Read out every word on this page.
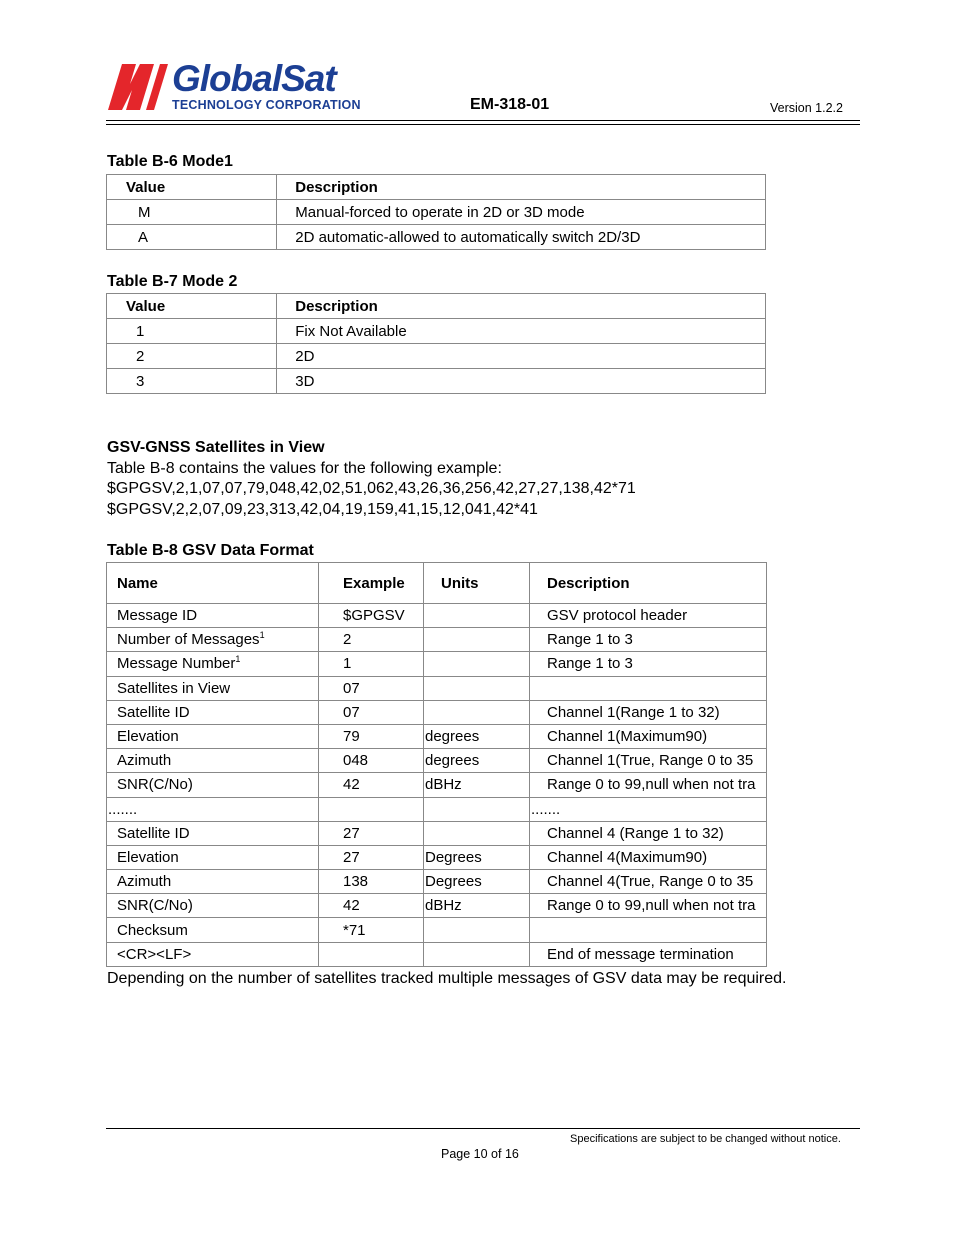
GlobalSat
TECHNOLOGY CORPORATION	EM-318-01	Version 1.2.2
Table B-6 Mode1
Value	Description
M	Manual-forced to operate in 2D or 3D mode
A	2D automatic-allowed to automatically switch 2D/3D
Table B-7 Mode 2
Value	Description
1	Fix Not Available
2	2D
3	3D
GSV-GNSS Satellites in View
Table B-8 contains the values for the following example:
$GPGSV,2,1,07,07,79,048,42,02,51,062,43,26,36,256,42,27,27,138,42*71
$GPGSV,2,2,07,09,23,313,42,04,19,159,41,15,12,041,42*41
Table B-8 GSV Data Format
Name	Example	Units	Description
Message ID	$GPGSV		GSV protocol header
Number of Messages$^1$	2		Range 1 to 3
Message Number$^1$	1		Range 1 to 3
Satellites in View	07		
Satellite ID	07		Channel 1(Range 1 to 32)
Elevation	79	degrees	Channel 1(Maximum90)
Azimuth	048	degrees	Channel 1(True, Range 0 to 35
SNR(C/No)	42	dBHz	Range 0 to 99,null when not tra
.......			.......
Satellite ID	27		Channel 4 (Range 1 to 32)
Elevation	27	Degrees	Channel 4(Maximum90)
Azimuth	138	Degrees	Channel 4(True, Range 0 to 35
SNR(C/No)	42	dBHz	Range 0 to 99,null when not tra
Checksum	*71		
<CR><LF>			End of message termination
Depending on the number of satellites tracked multiple messages of GSV data may be required.
Specifications are subject to be changed without notice.
Page 10 of 16
